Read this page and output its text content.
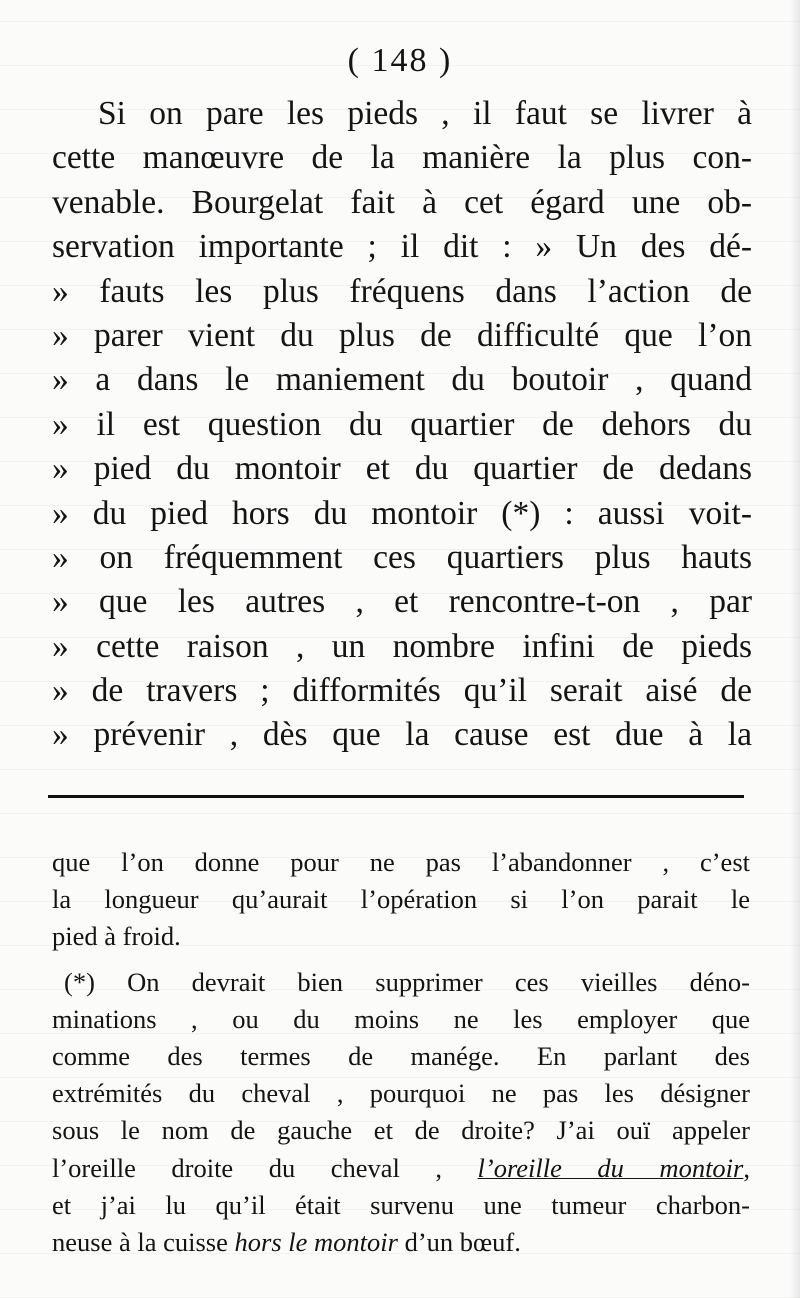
( 148 )
Si on pare les pieds , il faut se livrer à
cette manœuvre de la manière la plus con-
venable. Bourgelat fait à cet égard une ob-
servation importante ; il dit : » Un des dé-
» fauts les plus fréquens dans l’action de
» parer vient du plus de difficulté que l’on
» a dans le maniement du boutoir , quand
» il est question du quartier de dehors du
» pied du montoir et du quartier de dedans
» du pied hors du montoir (*) : aussi voit-
» on fréquemment ces quartiers plus hauts
» que les autres , et rencontre-t-on , par
» cette raison , un nombre infini de pieds
» de travers ; difformités qu’il serait aisé de
» prévenir , dès que la cause est due à la
que l’on donne pour ne pas l’abandonner , c’est
la longueur qu’aurait l’opération si l’on parait le
pied à froid.
(*) On devrait bien supprimer ces vieilles déno-
minations , ou du moins ne les employer que
comme des termes de manége. En parlant des
extrémités du cheval , pourquoi ne pas les désigner
sous le nom de gauche et de droite? J’ai ouï appeler
l’oreille droite du cheval , l’oreille du montoir,
et j’ai lu qu’il était survenu une tumeur charbon-
neuse à la cuisse hors le montoir d’un bœuf.
